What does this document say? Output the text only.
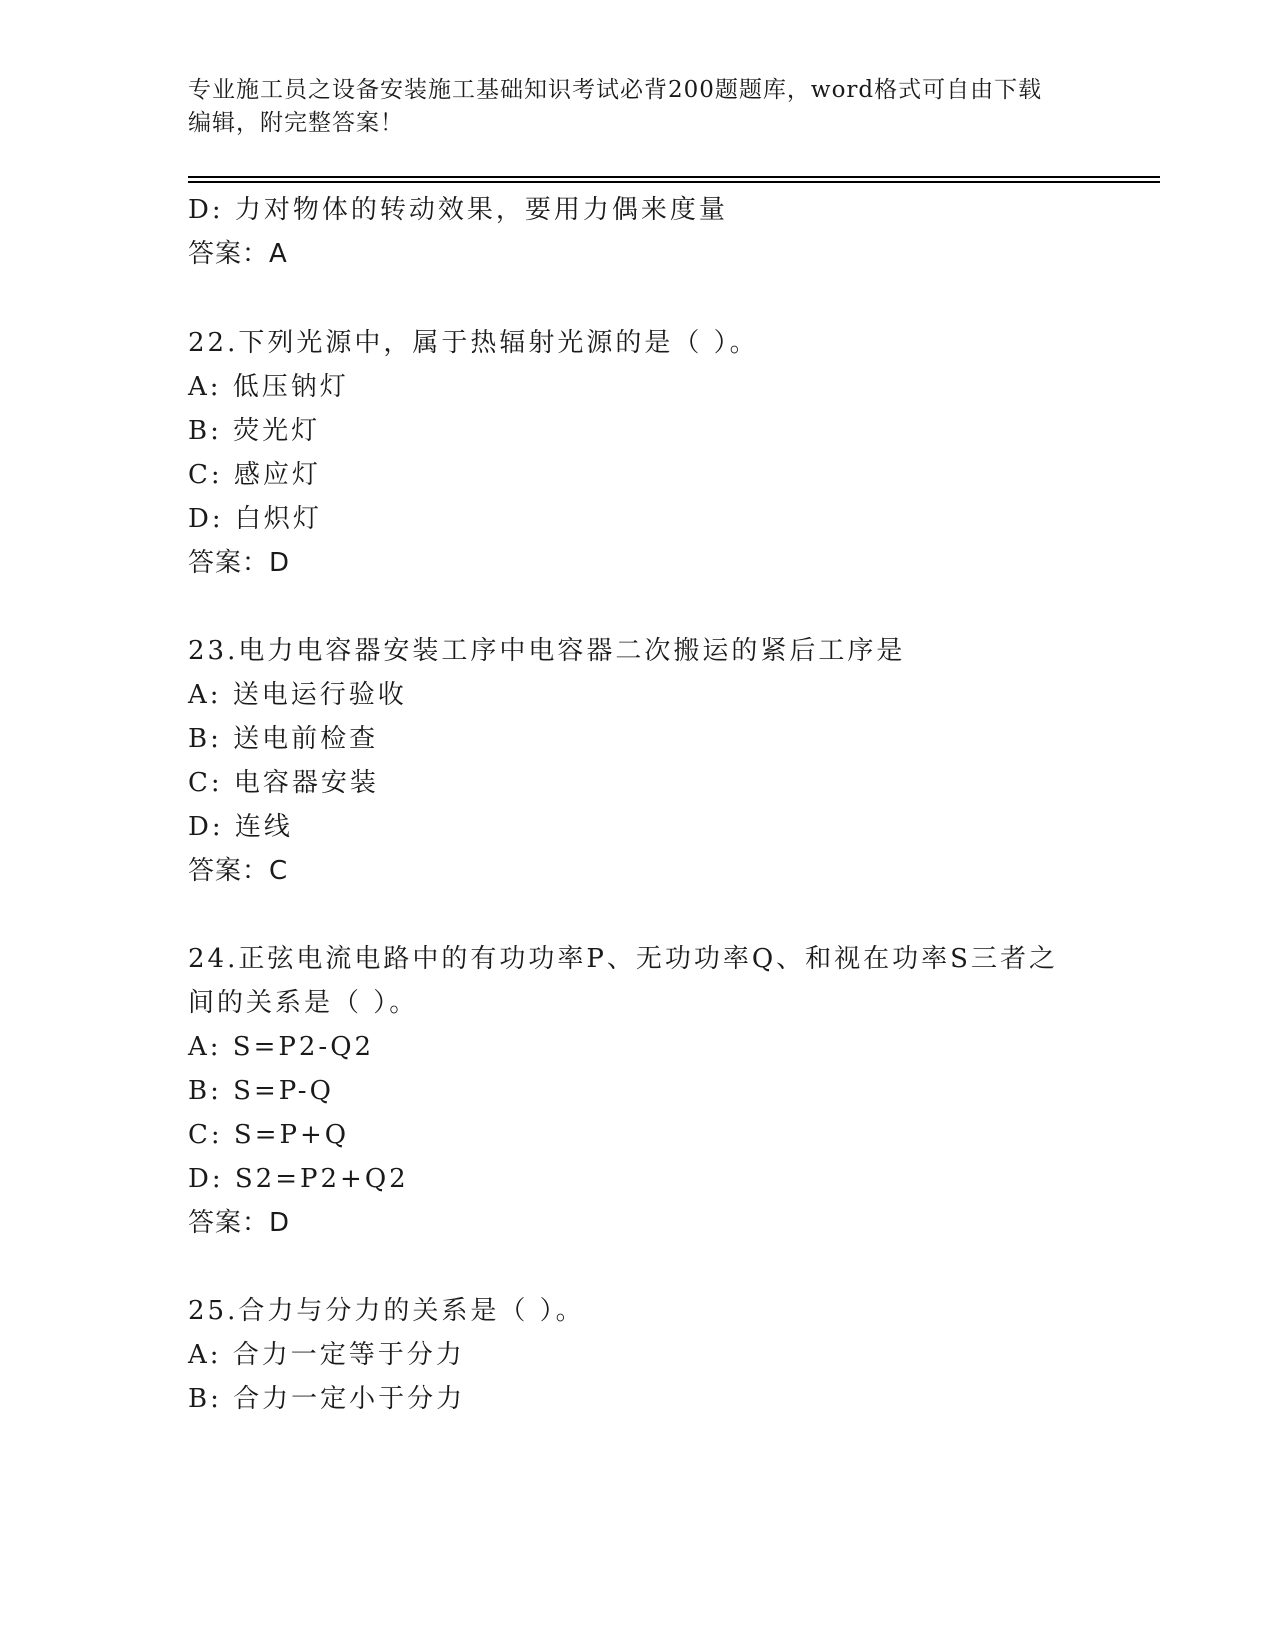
专业施工员之设备安装施工基础知识考试必背200题题库，word格式可自由下载
编辑，附完整答案！
D: 力对物体的转动效果，要用力偶来度量
答案：A
22.下列光源中，属于热辐射光源的是（ ）。
A: 低压钠灯
B: 荧光灯
C: 感应灯
D: 白炽灯
答案：D
23.电力电容器安装工序中电容器二次搬运的紧后工序是
A: 送电运行验收
B: 送电前检查
C: 电容器安装
D: 连线
答案：C
24.正弦电流电路中的有功功率P、无功功率Q、和视在功率S三者之
间的关系是（ ）。
A: S=P2-Q2
B: S=P-Q
C: S=P+Q
D: S2=P2+Q2
答案：D
25.合力与分力的关系是（ ）。
A: 合力一定等于分力
B: 合力一定小于分力
